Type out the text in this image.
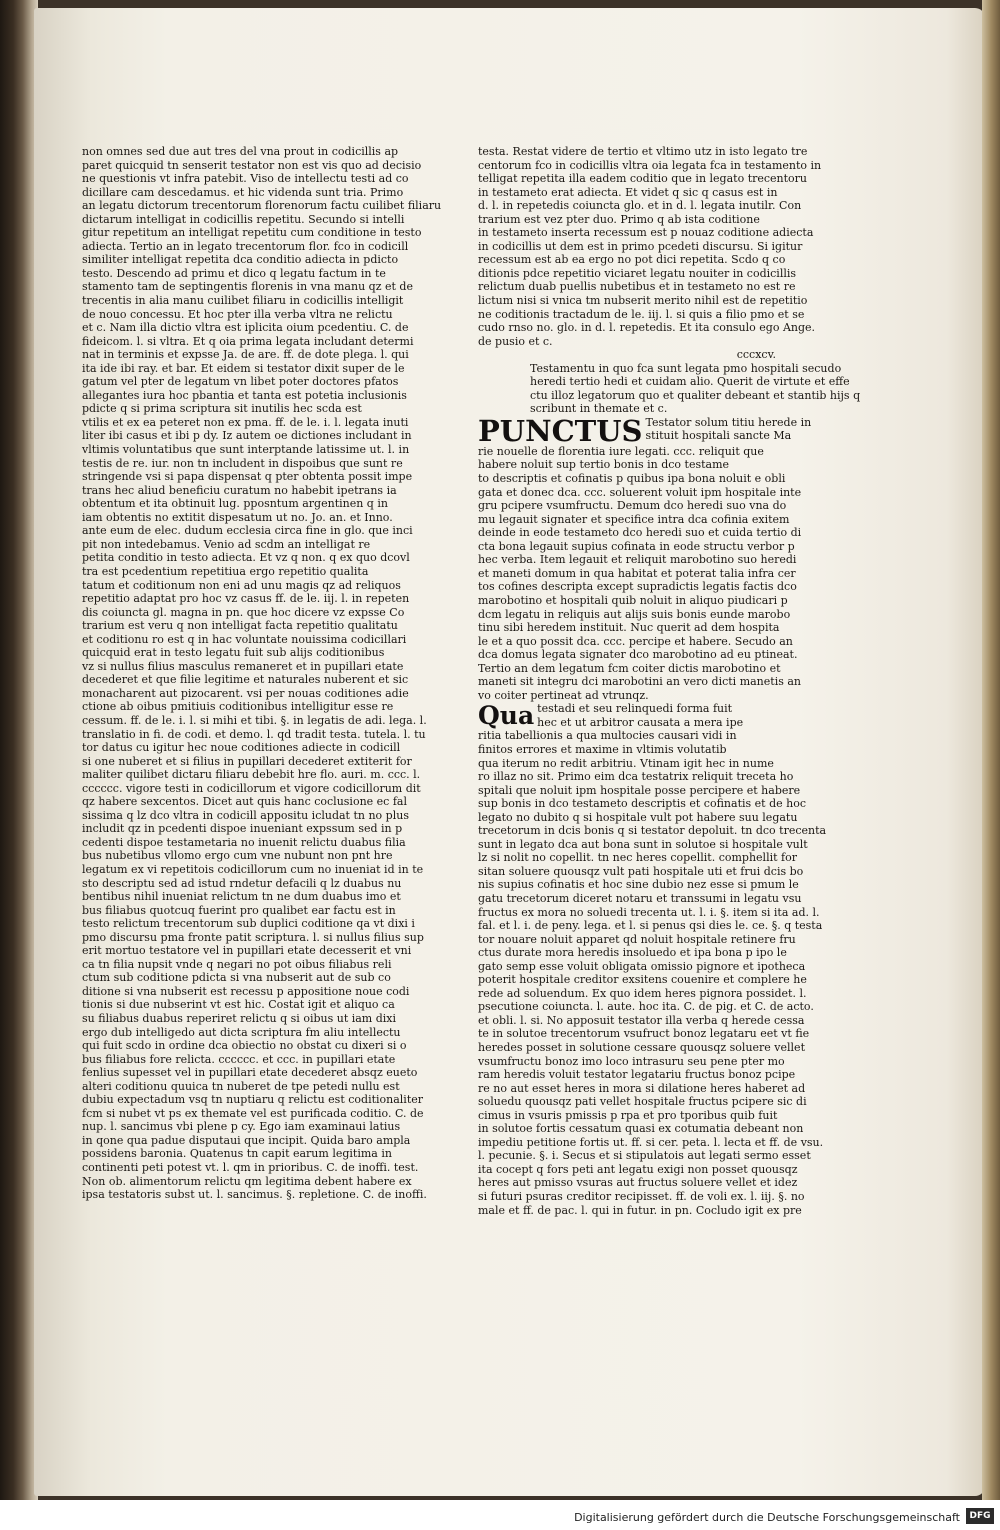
non omnes sed due aut tres del vna prout in codicillis ap

paret quicquid tn senserit testator non est vis quo ad decisio

ne questionis vt infra patebit. Viso de intellectu testi ad co

dicillare cam descedamus. et hic videnda sunt tria. Primo

an legatu dictorum trecentorum florenorum factu cuilibet filiaru

dictarum intelligat in codicillis repetitu. Secundo si intelli

gitur repetitum an intelligat repetitu cum conditione in testo

adiecta. Tertio an in legato trecentorum flor. fco in codicill

similiter intelligat repetita dca conditio adiecta in pdicto

testo. Descendo ad primu et dico q legatu factum in te

stamento tam de septingentis florenis in vna manu qz et de

trecentis in alia manu cuilibet filiaru in codicillis intelligit

de nouo concessu. Et hoc pter illa verba vltra ne relictu

et c. Nam illa dictio vltra est iplicita oium pcedentiu. C. de

fideicom. l. si vltra. Et q oia prima legata includant determi

nat in terminis et expsse Ja. de are. ff. de dote plega. l. qui

ita ide ibi ray. et bar. Et eidem si testator dixit super de le

gatum vel pter de legatum vn libet poter doctores pfatos

allegantes iura hoc pbantia et tanta est potetia inclusionis

pdicte q si prima scriptura sit inutilis hec scda est

vtilis et ex ea peteret non ex pma. ff. de le. i. l. legata inuti

liter ibi casus et ibi p dy. Iz autem oe dictiones includant in

vltimis voluntatibus que sunt interptande latissime ut. l. in

testis de re. iur. non tn includent in dispoibus que sunt re

stringende vsi si papa dispensat q pter obtenta possit impe

trans hec aliud beneficiu curatum no habebit ipetrans ia

obtentum et ita obtinuit lug. pposntum argentinen q in

iam obtentis no extitit dispesatum ut no. Jo. an. et Inno.

ante eum de elec. dudum ecclesia circa fine in glo. que inci

pit non intedebamus. Venio ad scdm an intelligat re

petita conditio in testo adiecta. Et vz q non. q ex quo dcovl

tra est pcedentium repetitiua ergo repetitio qualita

tatum et coditionum non eni ad unu magis qz ad reliquos

repetitio adaptat pro hoc vz casus ff. de le. iij. l. in repeten

dis coiuncta gl. magna in pn. que hoc dicere vz expsse Co

trarium est veru q non intelligat facta repetitio qualitatu

et coditionu ro est q in hac voluntate nouissima codicillari

quicquid erat in testo legatu fuit sub alijs coditionibus

vz si nullus filius masculus remaneret et in pupillari etate

decederet et que filie legitime et naturales nuberent et sic

monacharent aut pizocarent. vsi per nouas coditiones adie

ctione ab oibus pmitiuis coditionibus intelligitur esse re

cessum. ff. de le. i. l. si mihi et tibi. §. in legatis de adi. lega. l.

translatio in fi. de codi. et demo. l. qd tradit testa. tutela. l. tu

tor datus cu igitur hec noue coditiones adiecte in codicill

si one nuberet et si filius in pupillari decederet extiterit for

maliter quilibet dictaru filiaru debebit hre flo. auri. m. ccc. l.

cccccc. vigore testi in codicillorum et vigore codicillorum dit

qz habere sexcentos. Dicet aut quis hanc coclusione ec fal

sissima q lz dco vltra in codicill appositu icludat tn no plus

includit qz in pcedenti dispoe inueniant expssum sed in p

cedenti dispoe testametaria no inuenit relictu duabus filia

bus nubetibus vllomo ergo cum vne nubunt non pnt hre

legatum ex vi repetitois codicillorum cum no inueniat id in te

sto descriptu sed ad istud rndetur defacili q lz duabus nu

bentibus nihil inueniat relictum tn ne dum duabus imo et

bus filiabus quotcuq fuerint pro qualibet ear factu est in

testo relictum trecentorum sub duplici coditione qa vt dixi i

pmo discursu pma fronte patit scriptura. l. si nullus filius sup

erit mortuo testatore vel in pupillari etate decesserit et vni

ca tn filia nupsit vnde q negari no pot oibus filiabus reli

ctum sub coditione pdicta si vna nubserit aut de sub co

ditione si vna nubserit est recessu p appositione noue codi

tionis si due nubserint vt est hic. Costat igit et aliquo ca

su filiabus duabus reperiret relictu q si oibus ut iam dixi

ergo dub intelligedo aut dicta scriptura fm aliu intellectu

qui fuit scdo in ordine dca obiectio no obstat cu dixeri si o

bus filiabus fore relicta. cccccc. et ccc. in pupillari etate

fenlius supesset vel in pupillari etate decederet absqz eueto

alteri coditionu quuica tn nuberet de tpe petedi nullu est

dubiu expectadum vsq tn nuptiaru q relictu est coditionaliter

fcm si nubet vt ps ex themate vel est purificada coditio. C. de

nup. l. sancimus vbi plene p cy. Ego iam examinaui latius

in qone qua padue disputaui que incipit. Quida baro ampla

possidens baronia. Quatenus tn capit earum legitima in

continenti peti potest vt. l. qm in prioribus. C. de inoffi. test.

Non ob. alimentorum relictu qm legitima debent habere ex

ipsa testatoris subst ut. l. sancimus. §. repletione. C. de inoffi.

testa. Restat videre de tertio et vltimo utz in isto legato tre

centorum fco in codicillis vltra oia legata fca in testamento in

telligat repetita illa eadem coditio que in legato trecentoru

in testameto erat adiecta. Et videt q sic q casus est in

d. l. in repetedis coiuncta glo. et in d. l. legata inutilr. Con

trarium est vez pter duo. Primo q ab ista coditione

in testameto inserta recessum est p nouaz coditione adiecta

in codicillis ut dem est in primo pcedeti discursu. Si igitur

recessum est ab ea ergo no pot dici repetita. Scdo q co

ditionis pdce repetitio viciaret legatu nouiter in codicillis

relictum duab puellis nubetibus et in testameto no est re

lictum nisi si vnica tm nubserit merito nihil est de repetitio

ne coditionis tractadum de le. iij. l. si quis a filio pmo et se

cudo rnso no. glo. in d. l. repetedis. Et ita consulo ego Ange.

de pusio et c.

cccxcv.

Testamentu in quo fca sunt legata pmo hospitali secudo

heredi tertio hedi et cuidam alio. Querit de virtute et effe

ctu illoz legatorum quo et qualiter debeant et stantib hijs q

scribunt in themate et c.

PUNCTUS Testator solum titiu herede in

stituit hospitali sancte Ma

rie nouelle de florentia iure legati. ccc. reliquit que

habere noluit sup tertio bonis in dco testame

to descriptis et cofinatis p quibus ipa bona noluit e obli

gata et donec dca. ccc. soluerent voluit ipm hospitale inte

gru pcipere vsumfructu. Demum dco heredi suo vna do

mu legauit signater et specifice intra dca cofinia exitem

deinde in eode testameto dco heredi suo et cuida tertio di

cta bona legauit supius cofinata in eode structu verbor p

hec verba. Item legauit et reliquit marobotino suo heredi

et maneti domum in qua habitat et poterat talia infra cer

tos cofines descripta except supradictis legatis factis dco

marobotino et hospitali quib noluit in aliquo piudicari p

dcm legatu in reliquis aut alijs suis bonis eunde marobo

tinu sibi heredem instituit. Nuc querit ad dem hospita

le et a quo possit dca. ccc. percipe et habere. Secudo an

dca domus legata signater dco marobotino ad eu ptineat.

Tertio an dem legatum fcm coiter dictis marobotino et

maneti sit integru dci marobotini an vero dicti manetis an

vo coiter pertineat ad vtrunqz.

Qua testadi et seu relinquedi forma fuit

hec et ut arbitror causata a mera ipe

ritia tabellionis a qua multocies causari vidi in

finitos errores et maxime in vltimis volutatib

qua iterum no redit arbitriu. Vtinam igit hec in nume

ro illaz no sit. Primo eim dca testatrix reliquit treceta ho

spitali que noluit ipm hospitale posse percipere et habere

sup bonis in dco testameto descriptis et cofinatis et de hoc

legato no dubito q si hospitale vult pot habere suu legatu

trecetorum in dcis bonis q si testator depoluit. tn dco trecenta

sunt in legato dca aut bona sunt in solutoe si hospitale vult

lz si nolit no copellit. tn nec heres copellit. comphellit for

sitan soluere quousqz vult pati hospitale uti et frui dcis bo

nis supius cofinatis et hoc sine dubio nez esse si pmum le

gatu trecetorum diceret notaru et transsumi in legatu vsu

fructus ex mora no soluedi trecenta ut. l. i. §. item si ita ad. l.

fal. et l. i. de peny. lega. et l. si penus qsi dies le. ce. §. q testa

tor nouare noluit apparet qd noluit hospitale retinere fru

ctus durate mora heredis insoluedo et ipa bona p ipo le

gato semp esse voluit obligata omissio pignore et ipotheca

poterit hospitale creditor exsitens couenire et complere he

rede ad soluendum. Ex quo idem heres pignora possidet. l.

psecutione coiuncta. l. aute. hoc ita. C. de pig. et C. de acto.

et obli. l. si. No apposuit testator illa verba q herede cessa

te in solutoe trecentorum vsufruct bonoz legataru eet vt fie

heredes posset in solutione cessare quousqz soluere vellet

vsumfructu bonoz imo loco intrasuru seu pene pter mo

ram heredis voluit testator legatariu fructus bonoz pcipe

re no aut esset heres in mora si dilatione heres haberet ad

soluedu quousqz pati vellet hospitale fructus pcipere sic di

cimus in vsuris pmissis p rpa et pro tporibus quib fuit

in solutoe fortis cessatum quasi ex cotumatia debeant non

impediu petitione fortis ut. ff. si cer. peta. l. lecta et ff. de vsu.

l. pecunie. §. i. Secus et si stipulatois aut legati sermo esset

ita cocept q fors peti ant legatu exigi non posset quousqz

heres aut pmisso vsuras aut fructus soluere vellet et idez

si futuri psuras creditor recipisset. ff. de voli ex. l. iij. §. no

male et ff. de pac. l. qui in futur. in pn. Cocludo igit ex pre

Digitalisierung gefördert durch die Deutsche Forschungsgemeinschaft	DFG
